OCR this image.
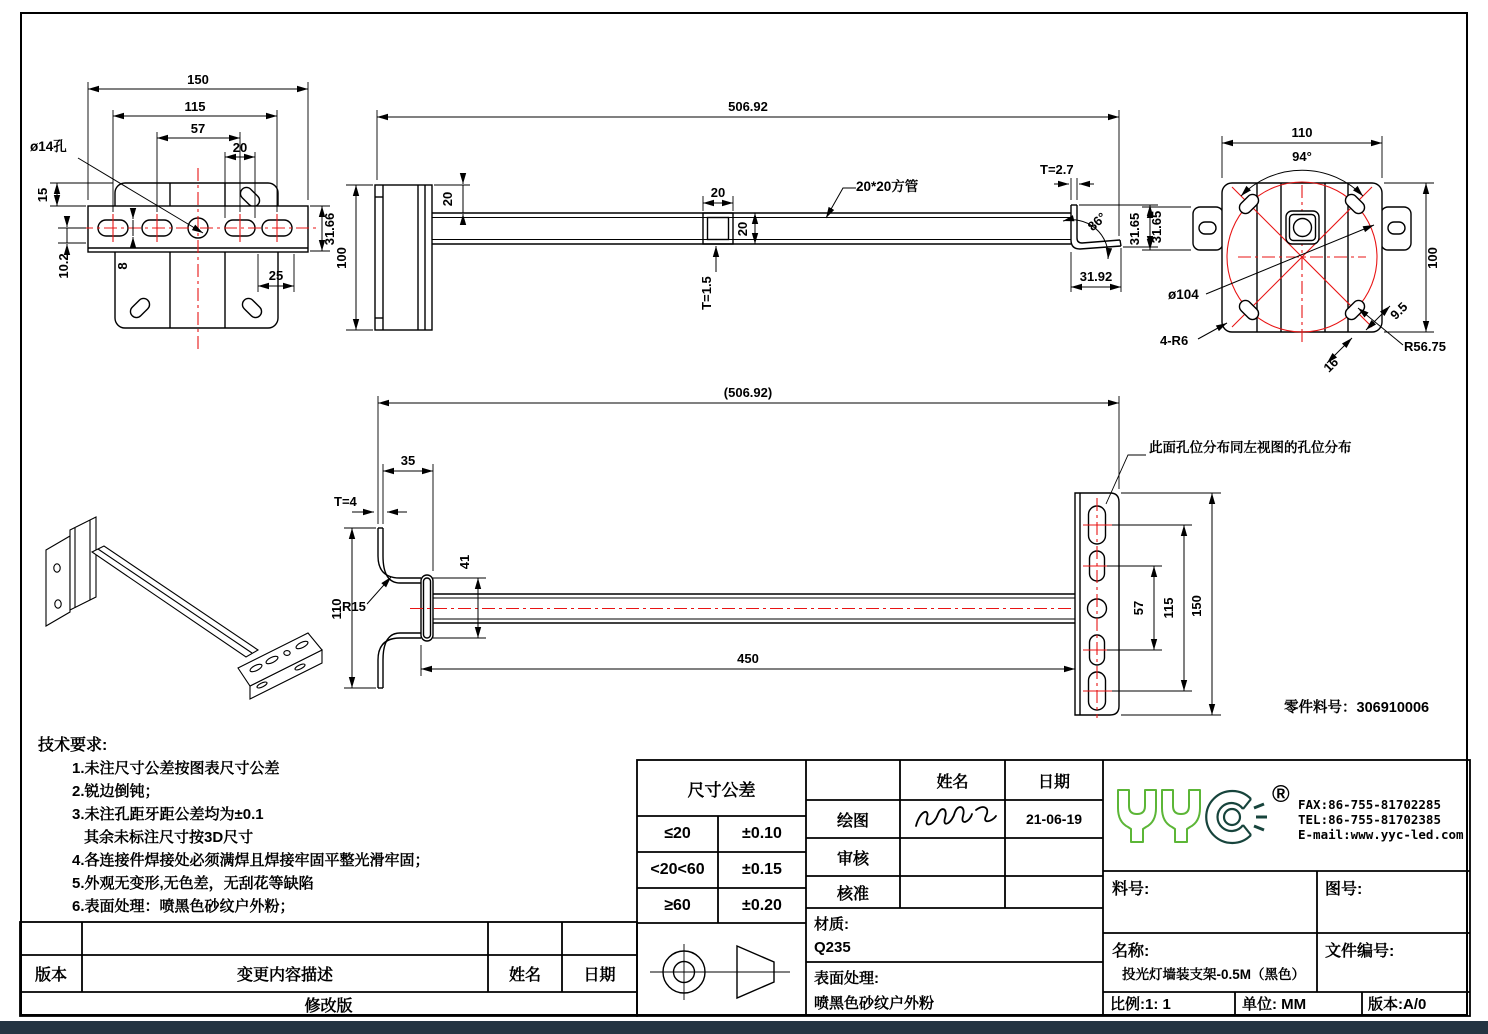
150
115
57
20
ø14孔
15
31.66
10.2	8
25
506.92
100
20	20
20
T=1.5
20*20方管
T=2.7
86°	31.65
31.92
110
94°
31.65
100
ø104
4-R6
9.5
16
R56.75
(506.92)
35
T=4
41
R15
110
450
57 115 150
此面孔位分布同左视图的孔位分布
零件料号：306910006
®
技术要求:
1.未注尺寸公差按图表尺寸公差
2.锐边倒钝；
3.未注孔距牙距公差均为±0.1
其余未标注尺寸按3D尺寸
4.各连接件焊接处必须满焊且焊接牢固平整光滑牢固；
5.外观无变形,无色差，无刮花等缺陷
6.表面处理：喷黑色砂纹户外粉；
版本	变更内容描述	姓名	日期
修改版
尺寸公差
≤20	±0.10
<20<60	±0.15
≥60	±0.20
姓名	日期
绘图	21-06-19
审核
核准
材质:
Q235
表面处理:
喷黑色砂纹户外粉
FAX:86-755-81702285
TEL:86-755-81702385
E-mail:www.yyc-led.com
料号:	图号:
名称:
投光灯墙装支架-0.5M（黑色）
文件编号:
比例:1: 1	单位: MM	版本:A/0
